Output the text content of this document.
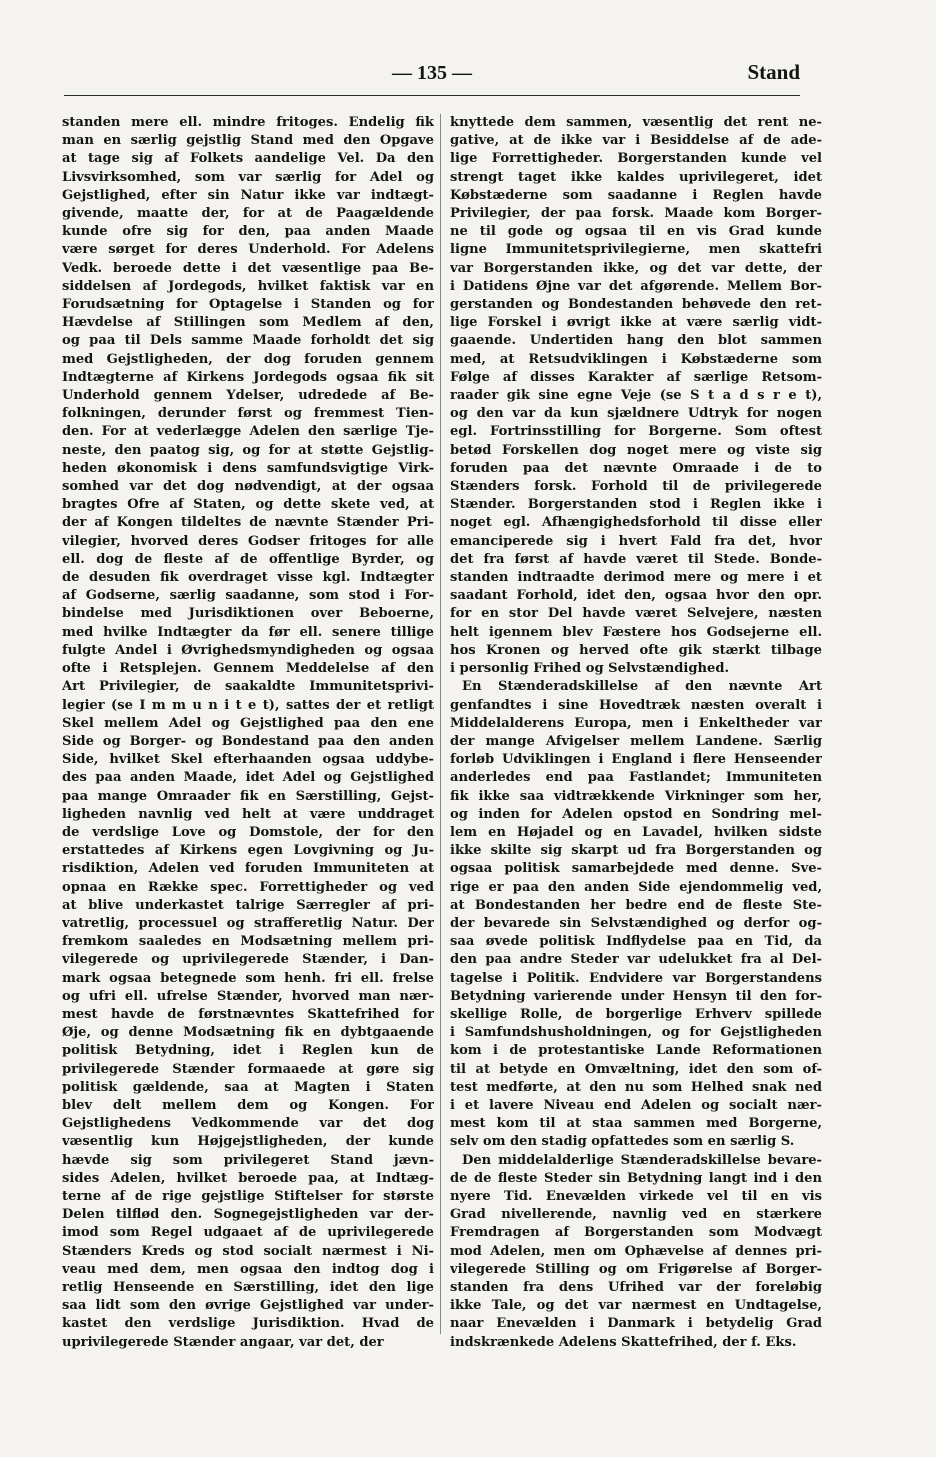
— 135 —	Stand
standen mere ell. mindre fritoges. Endelig fik
man en særlig gejstlig Stand med den Opgave
at tage sig af Folkets aandelige Vel. Da den
Livsvirksomhed, som var særlig for Adel og
Gejstlighed, efter sin Natur ikke var indtægt-
givende, maatte der, for at de Paagældende
kunde ofre sig for den, paa anden Maade
være sørget for deres Underhold. For Adelens
Vedk. beroede dette i det væsentlige paa Be-
siddelsen af Jordegods, hvilket faktisk var en
Forudsætning for Optagelse i Standen og for
Hævdelse af Stillingen som Medlem af den,
og paa til Dels samme Maade forholdt det sig
med Gejstligheden, der dog foruden gennem
Indtægterne af Kirkens Jordegods ogsaa fik sit
Underhold gennem Ydelser, udredede af Be-
folkningen, derunder først og fremmest Tien-
den. For at vederlægge Adelen den særlige Tje-
neste, den paatog sig, og for at støtte Gejstlig-
heden økonomisk i dens samfundsvigtige Virk-
somhed var det dog nødvendigt, at der ogsaa
bragtes Ofre af Staten, og dette skete ved, at
der af Kongen tildeltes de nævnte Stænder Pri-
vilegier, hvorved deres Godser fritoges for alle
ell. dog de fleste af de offentlige Byrder, og
de desuden fik overdraget visse kgl. Indtægter
af Godserne, særlig saadanne, som stod i For-
bindelse med Jurisdiktionen over Beboerne,
med hvilke Indtægter da før ell. senere tillige
fulgte Andel i Øvrighedsmyndigheden og ogsaa
ofte i Retsplejen. Gennem Meddelelse af den
Art Privilegier, de saakaldte Immunitetsprivi-
legier (se I m m u n i t e t), sattes der et retligt
Skel mellem Adel og Gejstlighed paa den ene
Side og Borger- og Bondestand paa den anden
Side, hvilket Skel efterhaanden ogsaa uddybe-
des paa anden Maade, idet Adel og Gejstlighed
paa mange Omraader fik en Særstilling, Gejst-
ligheden navnlig ved helt at være unddraget
de verdslige Love og Domstole, der for den
erstattedes af Kirkens egen Lovgivning og Ju-
risdiktion, Adelen ved foruden Immuniteten at
opnaa en Række spec. Forrettigheder og ved
at blive underkastet talrige Særregler af pri-
vatretlig, processuel og strafferetlig Natur. Der
fremkom saaledes en Modsætning mellem pri-
vilegerede og uprivilegerede Stænder, i Dan-
mark ogsaa betegnede som henh. fri ell. frelse
og ufri ell. ufrelse Stænder, hvorved man nær-
mest havde de førstnævntes Skattefrihed for
Øje, og denne Modsætning fik en dybtgaaende
politisk Betydning, idet i Reglen kun de
privilegerede Stænder formaaede at gøre sig
politisk gældende, saa at Magten i Staten
blev delt mellem dem og Kongen. For
Gejstlighedens Vedkommende var det dog
væsentlig kun Højgejstligheden, der kunde
hævde sig som privilegeret Stand jævn-
sides Adelen, hvilket beroede paa, at Indtæg-
terne af de rige gejstlige Stiftelser for største
Delen tilflød den. Sognegejstligheden var der-
imod som Regel udgaaet af de uprivilegerede
Stænders Kreds og stod socialt nærmest i Ni-
veau med dem, men ogsaa den indtog dog i
retlig Henseende en Særstilling, idet den lige
saa lidt som den øvrige Gejstlighed var under-
kastet den verdslige Jurisdiktion. Hvad de
uprivilegerede Stænder angaar, var det, der
knyttede dem sammen, væsentlig det rent ne-
gative, at de ikke var i Besiddelse af de ade-
lige Forrettigheder. Borgerstanden kunde vel
strengt taget ikke kaldes uprivilegeret, idet
Købstæderne som saadanne i Reglen havde
Privilegier, der paa forsk. Maade kom Borger-
ne til gode og ogsaa til en vis Grad kunde
ligne Immunitetsprivilegierne, men skattefri
var Borgerstanden ikke, og det var dette, der
i Datidens Øjne var det afgørende. Mellem Bor-
gerstanden og Bondestanden behøvede den ret-
lige Forskel i øvrigt ikke at være særlig vidt-
gaaende. Undertiden hang den blot sammen
med, at Retsudviklingen i Købstæderne som
Følge af disses Karakter af særlige Retsom-
raader gik sine egne Veje (se S t a d s r e t),
og den var da kun sjældnere Udtryk for nogen
egl. Fortrinsstilling for Borgerne. Som oftest
betød Forskellen dog noget mere og viste sig
foruden paa det nævnte Omraade i de to
Stænders forsk. Forhold til de privilegerede
Stænder. Borgerstanden stod i Reglen ikke i
noget egl. Afhængighedsforhold til disse eller
emanciperede sig i hvert Fald fra det, hvor
det fra først af havde været til Stede. Bonde-
standen indtraadte derimod mere og mere i et
saadant Forhold, idet den, ogsaa hvor den opr.
for en stor Del havde været Selvejere, næsten
helt igennem blev Fæstere hos Godsejerne ell.
hos Kronen og herved ofte gik stærkt tilbage
i personlig Frihed og Selvstændighed.
En Stænderadskillelse af den nævnte Art
genfandtes i sine Hovedtræk næsten overalt i
Middelalderens Europa, men i Enkeltheder var
der mange Afvigelser mellem Landene. Særlig
forløb Udviklingen i England i flere Henseender
anderledes end paa Fastlandet; Immuniteten
fik ikke saa vidtrækkende Virkninger som her,
og inden for Adelen opstod en Sondring mel-
lem en Højadel og en Lavadel, hvilken sidste
ikke skilte sig skarpt ud fra Borgerstanden og
ogsaa politisk samarbejdede med denne. Sve-
rige er paa den anden Side ejendommelig ved,
at Bondestanden her bedre end de fleste Ste-
der bevarede sin Selvstændighed og derfor og-
saa øvede politisk Indflydelse paa en Tid, da
den paa andre Steder var udelukket fra al Del-
tagelse i Politik. Endvidere var Borgerstandens
Betydning varierende under Hensyn til den for-
skellige Rolle, de borgerlige Erhverv spillede
i Samfundshusholdningen, og for Gejstligheden
kom i de protestantiske Lande Reformationen
til at betyde en Omvæltning, idet den som of-
test medførte, at den nu som Helhed snak ned
i et lavere Niveau end Adelen og socialt nær-
mest kom til at staa sammen med Borgerne,
selv om den stadig opfattedes som en særlig S.
Den middelalderlige Stænderadskillelse bevare-
de de fleste Steder sin Betydning langt ind i den
nyere Tid. Enevælden virkede vel til en vis
Grad nivellerende, navnlig ved en stærkere
Fremdragen af Borgerstanden som Modvægt
mod Adelen, men om Ophævelse af dennes pri-
vilegerede Stilling og om Frigørelse af Borger-
standen fra dens Ufrihed var der foreløbig
ikke Tale, og det var nærmest en Undtagelse,
naar Enevælden i Danmark i betydelig Grad
indskrænkede Adelens Skattefrihed, der f. Eks.
